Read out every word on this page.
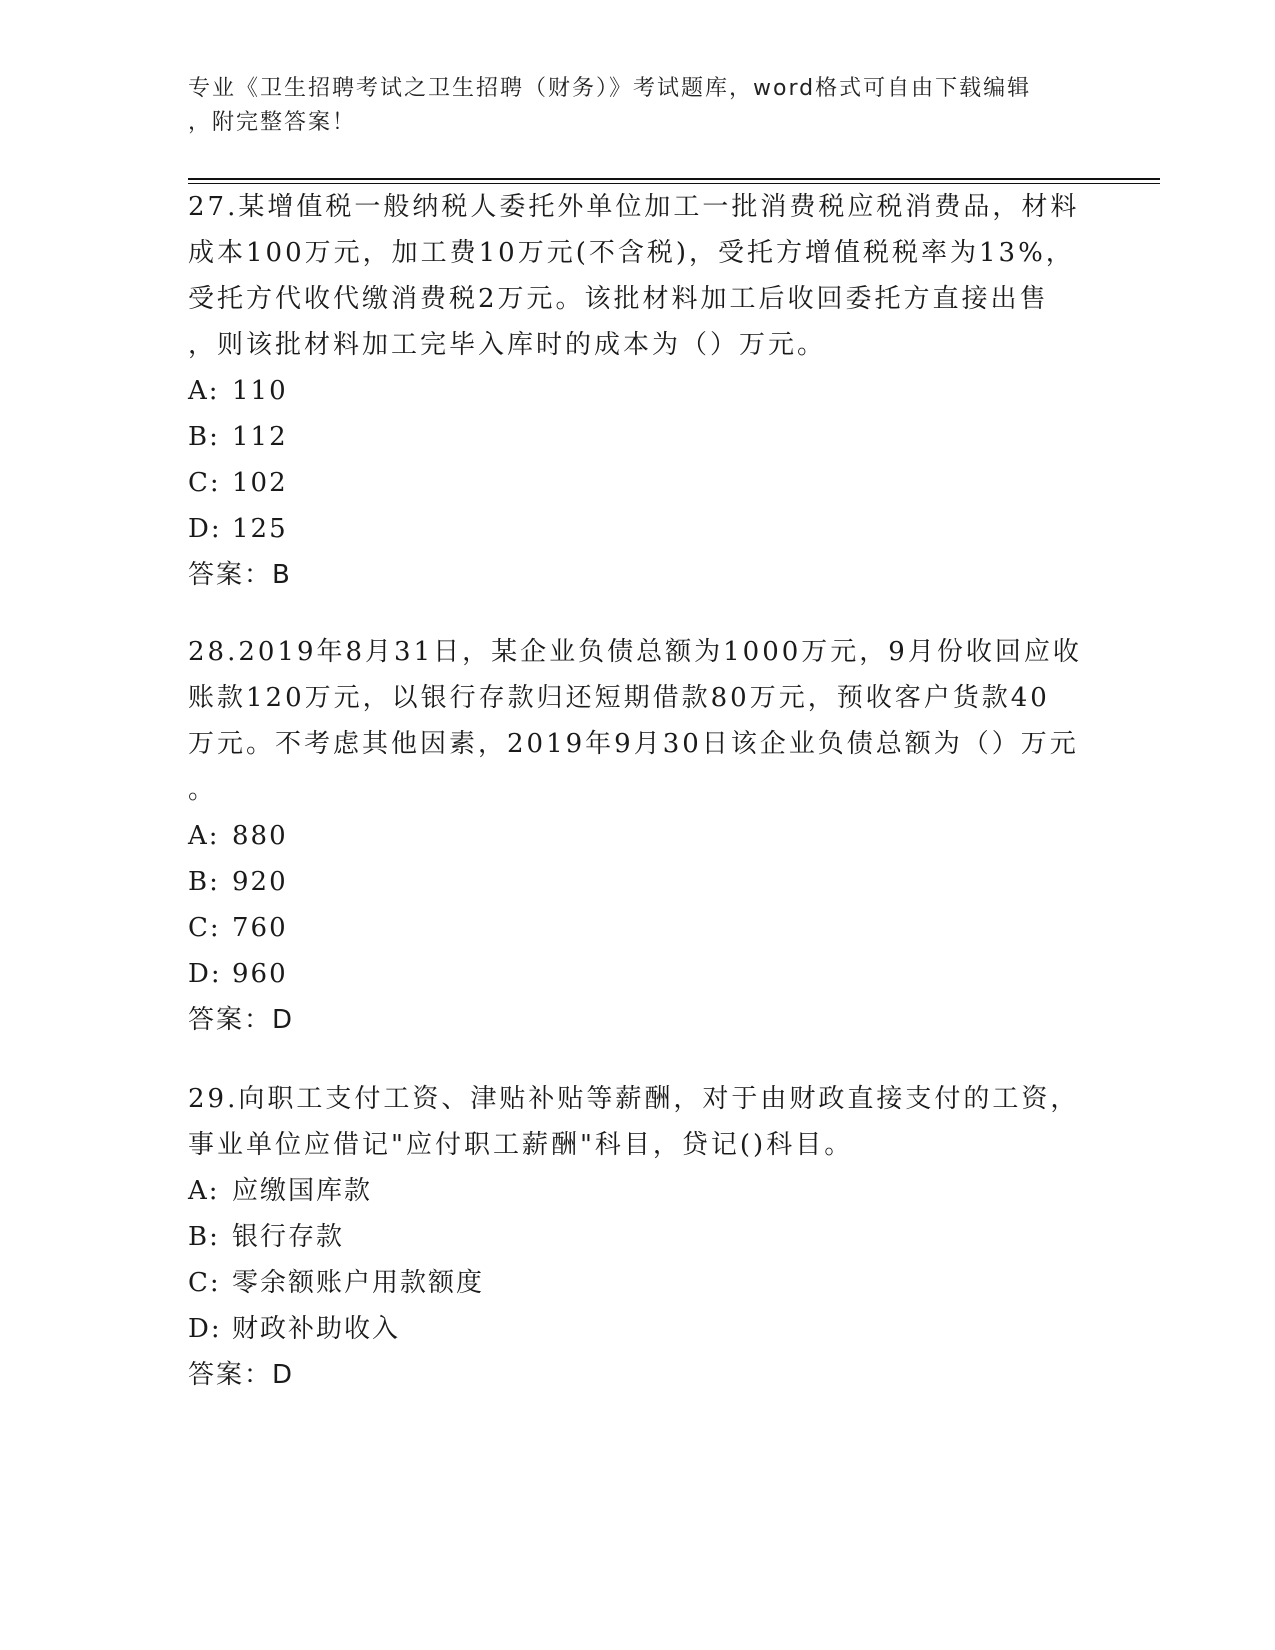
专业《卫生招聘考试之卫生招聘（财务）》考试题库，word格式可自由下载编辑
，附完整答案！

27.某增值税一般纳税人委托外单位加工一批消费税应税消费品，材料

成本100万元，加工费10万元(不含税)，受托方增值税税率为13%，

受托方代收代缴消费税2万元。该批材料加工后收回委托方直接出售

，则该批材料加工完毕入库时的成本为（）万元。

A: 110

B: 112

C: 102

D: 125

答案：B

28.2019年8月31日，某企业负债总额为1000万元，9月份收回应收

账款120万元，以银行存款归还短期借款80万元，预收客户货款40

万元。不考虑其他因素，2019年9月30日该企业负债总额为（）万元

。

A: 880

B: 920

C: 760

D: 960

答案：D

29.向职工支付工资、津贴补贴等薪酬，对于由财政直接支付的工资，

事业单位应借记"应付职工薪酬"科目，贷记()科目。

A: 应缴国库款

B: 银行存款

C: 零余额账户用款额度

D: 财政补助收入

答案：D
